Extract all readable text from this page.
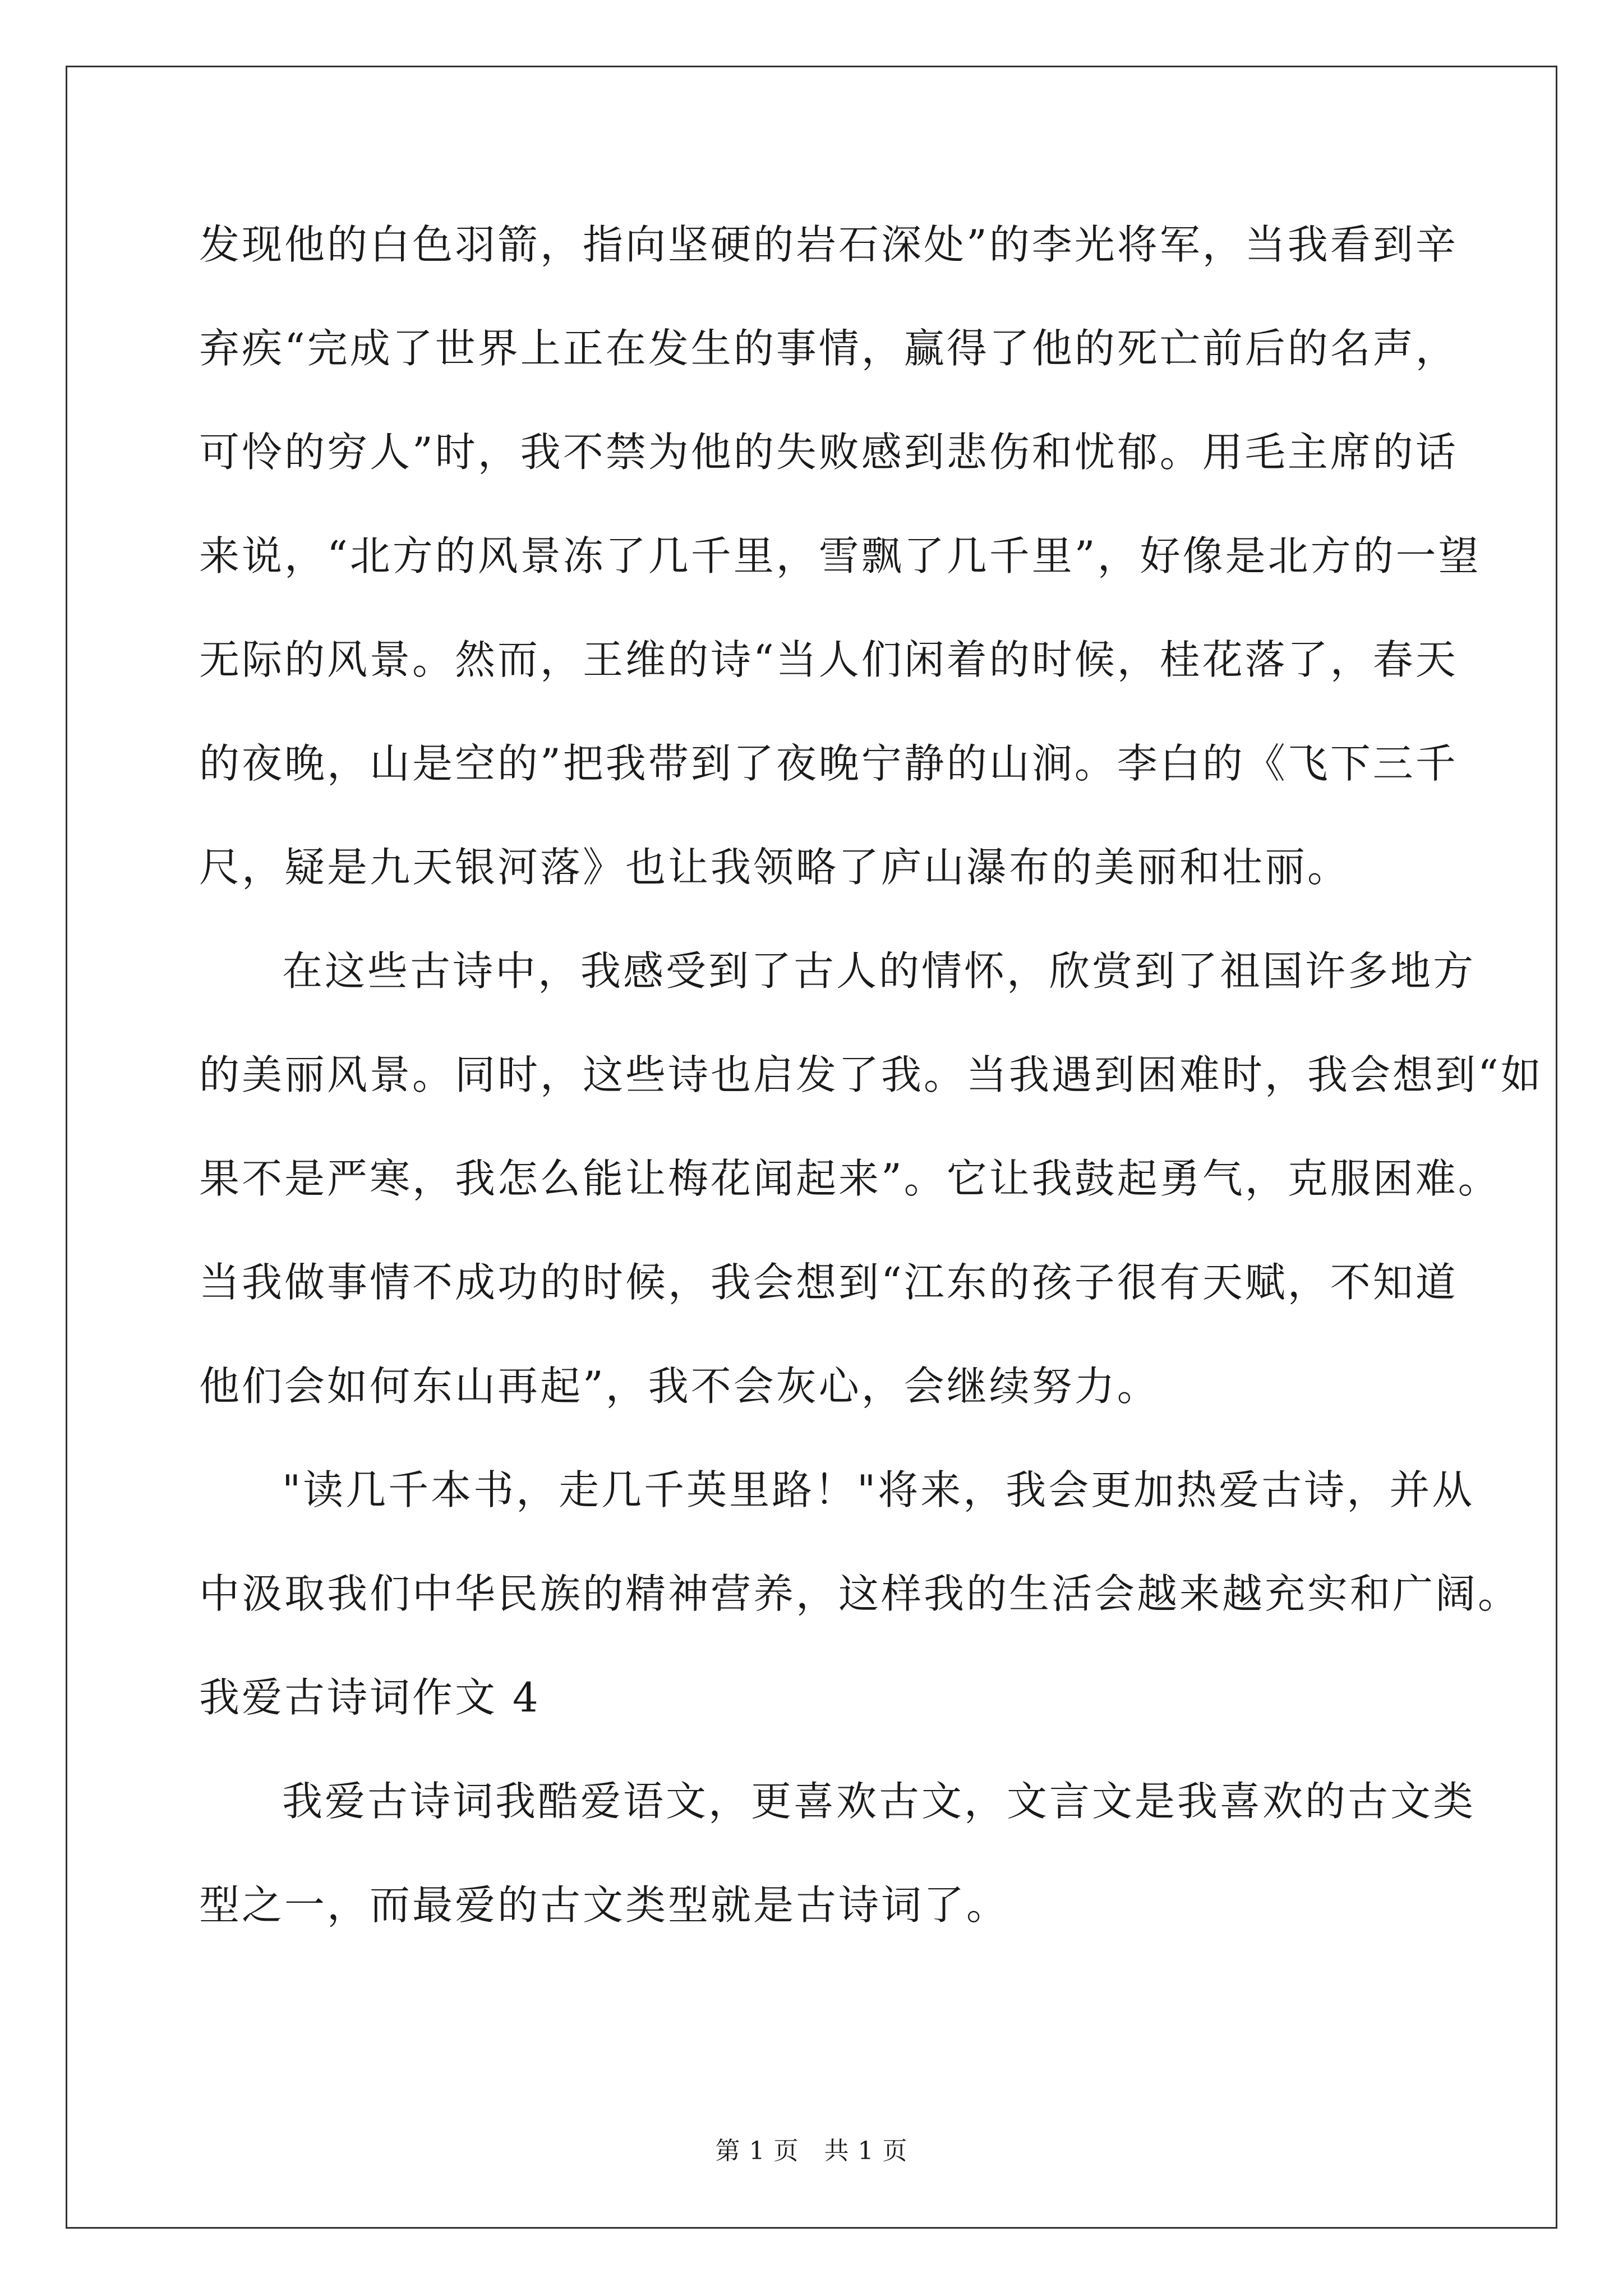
发现他的白色羽箭，指向坚硬的岩石深处”的李光将军，当我看到辛
弃疾“完成了世界上正在发生的事情，赢得了他的死亡前后的名声，
可怜的穷人”时，我不禁为他的失败感到悲伤和忧郁。用毛主席的话
来说，“北方的风景冻了几千里，雪飘了几千里”，好像是北方的一望
无际的风景。然而，王维的诗“当人们闲着的时候，桂花落了，春天
的夜晚，山是空的”把我带到了夜晚宁静的山涧。李白的《飞下三千
尺，疑是九天银河落》也让我领略了庐山瀑布的美丽和壮丽。
在这些古诗中，我感受到了古人的情怀，欣赏到了祖国许多地方
的美丽风景。同时，这些诗也启发了我。当我遇到困难时，我会想到“如
果不是严寒，我怎么能让梅花闻起来”。它让我鼓起勇气，克服困难。
当我做事情不成功的时候，我会想到“江东的孩子很有天赋，不知道
他们会如何东山再起”，我不会灰心，会继续努力。
"读几千本书，走几千英里路！"将来，我会更加热爱古诗，并从
中汲取我们中华民族的精神营养，这样我的生活会越来越充实和广阔。
我爱古诗词作文 4
我爱古诗词我酷爱语文，更喜欢古文，文言文是我喜欢的古文类
型之一，而最爱的古文类型就是古诗词了。
第 1 页　共 1 页
